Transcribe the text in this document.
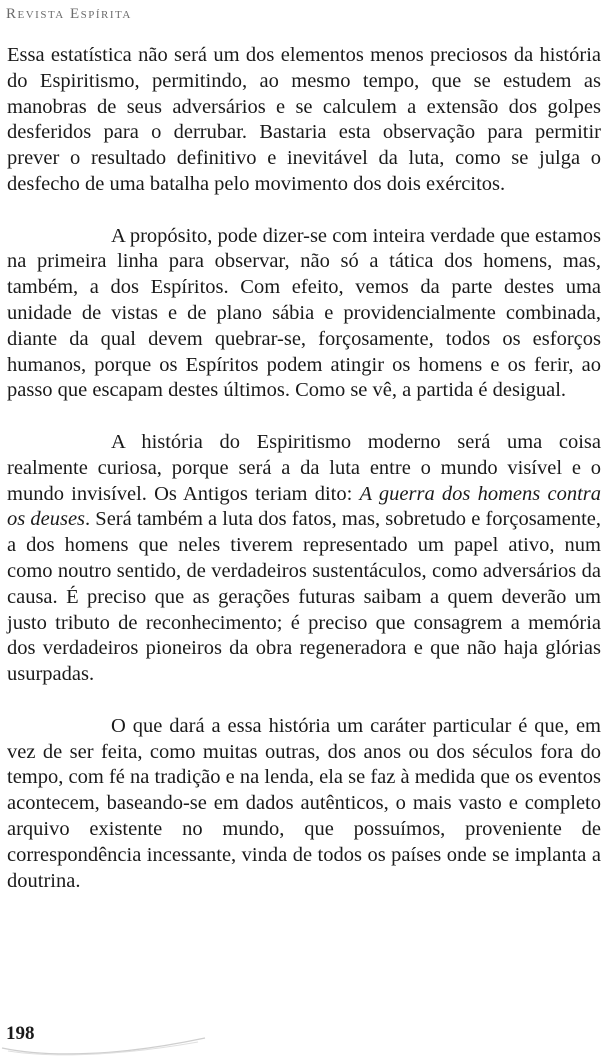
Revista Espírita

Essa estatística não será um dos elementos menos preciosos da história do Espiritismo, permitindo, ao mesmo tempo, que se estudem as manobras de seus adversários e se calculem a extensão dos golpes desferidos para o derrubar. Bastaria esta observação para permitir prever o resultado definitivo e inevitável da luta, como se julga o desfecho de uma batalha pelo movimento dos dois exércitos.

A propósito, pode dizer-se com inteira verdade que estamos na primeira linha para observar, não só a tática dos homens, mas, também, a dos Espíritos. Com efeito, vemos da parte destes uma unidade de vistas e de plano sábia e providencialmente combinada, diante da qual devem quebrar-se, forçosamente, todos os esforços humanos, porque os Espíritos podem atingir os homens e os ferir, ao passo que escapam destes últimos. Como se vê, a partida é desigual.

A história do Espiritismo moderno será uma coisa realmente curiosa, porque será a da luta entre o mundo visível e o mundo invisível. Os Antigos teriam dito: A guerra dos homens contra os deuses. Será também a luta dos fatos, mas, sobretudo e forçosamente, a dos homens que neles tiverem representado um papel ativo, num como noutro sentido, de verdadeiros sustentáculos, como adversários da causa. É preciso que as gerações futuras saibam a quem deverão um justo tributo de reconhecimento; é preciso que consagrem a memória dos verdadeiros pioneiros da obra regeneradora e que não haja glórias usurpadas.

O que dará a essa história um caráter particular é que, em vez de ser feita, como muitas outras, dos anos ou dos séculos fora do tempo, com fé na tradição e na lenda, ela se faz à medida que os eventos acontecem, baseando-se em dados autênticos, o mais vasto e completo arquivo existente no mundo, que possuímos, proveniente de correspondência incessante, vinda de todos os países onde se implanta a doutrina.

198
